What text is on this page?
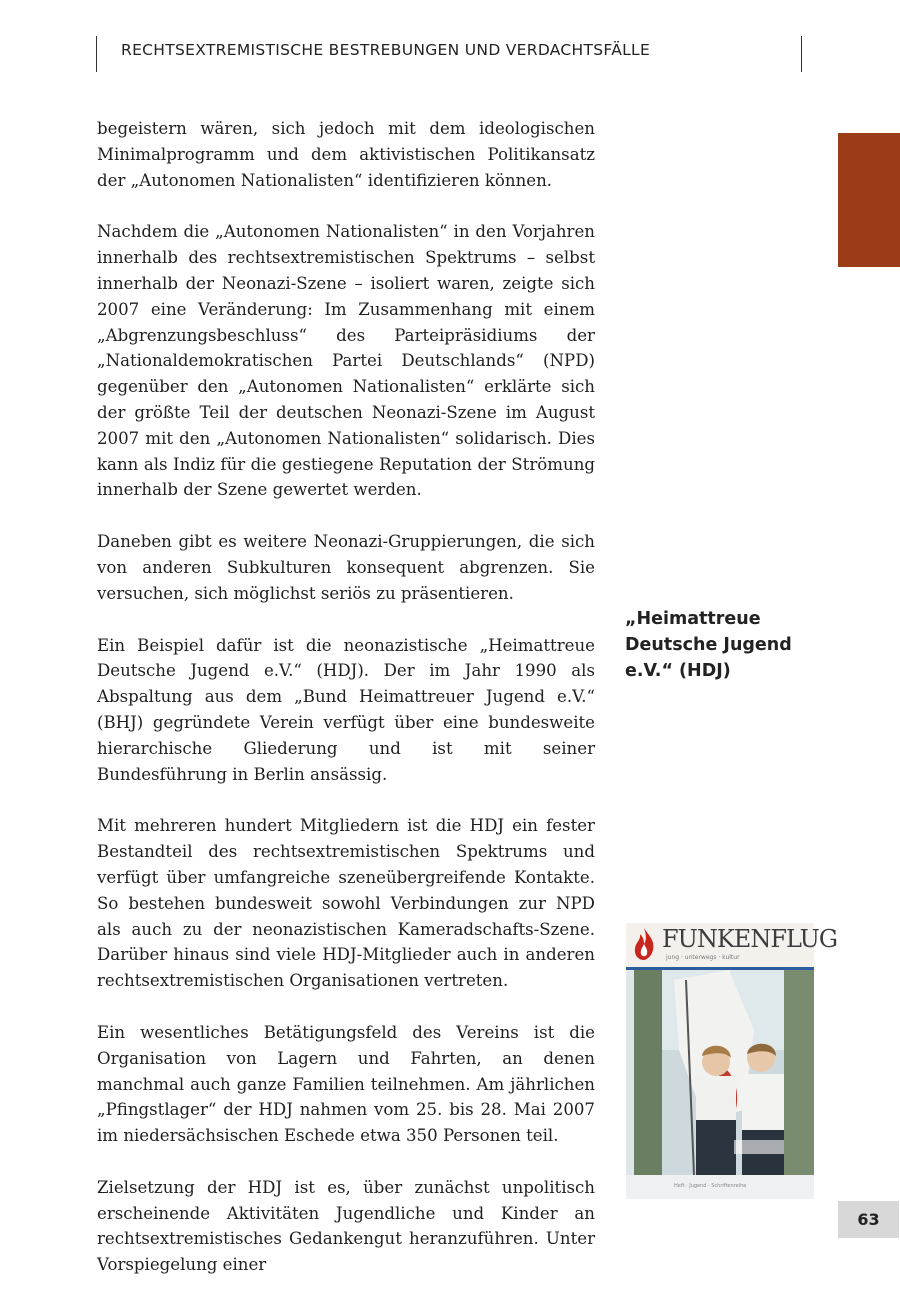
RECHTSEXTREMISTISCHE BESTREBUNGEN UND VERDACHTSFÄLLE

begeistern wären, sich jedoch mit dem ideologischen Minimalprogramm und dem aktivistischen Politikansatz der „Autonomen Nationalisten“ identifizieren können.

Nachdem die „Autonomen Nationalisten“ in den Vorjahren innerhalb des rechtsextremistischen Spektrums – selbst innerhalb der Neonazi-Szene – isoliert waren, zeigte sich 2007 eine Veränderung: Im Zusammenhang mit einem „Abgrenzungsbeschluss“ des Parteipräsidiums der „Nationaldemokratischen Partei Deutschlands“ (NPD) gegenüber den „Autonomen Nationalisten“ erklärte sich der größte Teil der deutschen Neonazi-Szene im August 2007 mit den „Autonomen Nationalisten“ solidarisch. Dies kann als Indiz für die gestiegene Reputation der Strömung innerhalb der Szene gewertet werden.

Daneben gibt es weitere Neonazi-Gruppierungen, die sich von anderen Subkulturen konsequent abgrenzen. Sie versuchen, sich möglichst seriös zu präsentieren.

Ein Beispiel dafür ist die neonazistische „Heimattreue Deutsche Jugend e.V.“ (HDJ). Der im Jahr 1990 als Abspaltung aus dem „Bund Heimattreuer Jugend e.V.“ (BHJ) gegründete Verein verfügt über eine bundesweite hierarchische Gliederung und ist mit seiner Bundesführung in Berlin ansässig.

Mit mehreren hundert Mitgliedern ist die HDJ ein fester Bestandteil des rechtsextremistischen Spektrums und verfügt über umfangreiche szeneübergreifende Kontakte. So bestehen bundesweit sowohl Verbindungen zur NPD als auch zu der neonazistischen Kameradschafts-Szene. Darüber hinaus sind viele HDJ-Mitglieder auch in anderen rechtsextremistischen Organisationen vertreten.

Ein wesentliches Betätigungsfeld des Vereins ist die Organisation von Lagern und Fahrten, an denen manchmal auch ganze Familien teilnehmen. Am jährlichen „Pfingstlager“ der HDJ nahmen vom 25. bis 28. Mai 2007 im niedersächsischen Eschede etwa 350 Personen teil.

Zielsetzung der HDJ ist es, über zunächst unpolitisch erscheinende Aktivitäten Jugendliche und Kinder an rechtsextremistisches Gedankengut heranzuführen. Unter Vorspiegelung einer

„Heimattreue Deutsche Jugend e.V.“ (HDJ)
FUNKENFLUG
jung · unterwegs · kultur
Heft · Jugend · Schriftenreihe
63
